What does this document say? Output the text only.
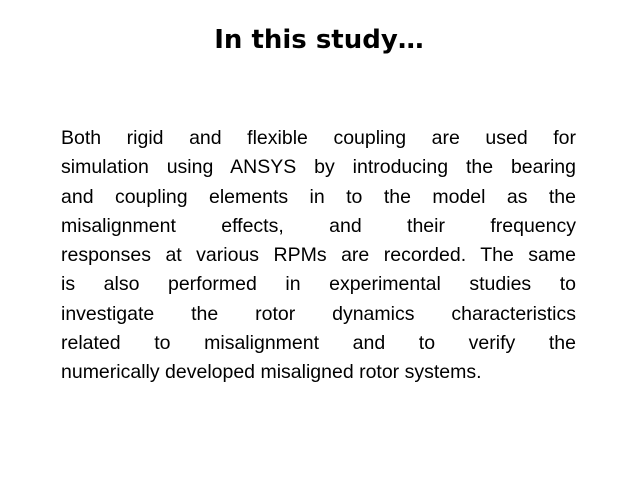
In this study…
Both rigid and flexible coupling are used for
simulation using ANSYS by introducing the bearing
and coupling elements in to the model as the
misalignment effects, and their frequency
responses at various RPMs are recorded. The same
is also performed in experimental studies to
investigate the rotor dynamics characteristics
related to misalignment and to verify the
numerically developed misaligned rotor systems.
